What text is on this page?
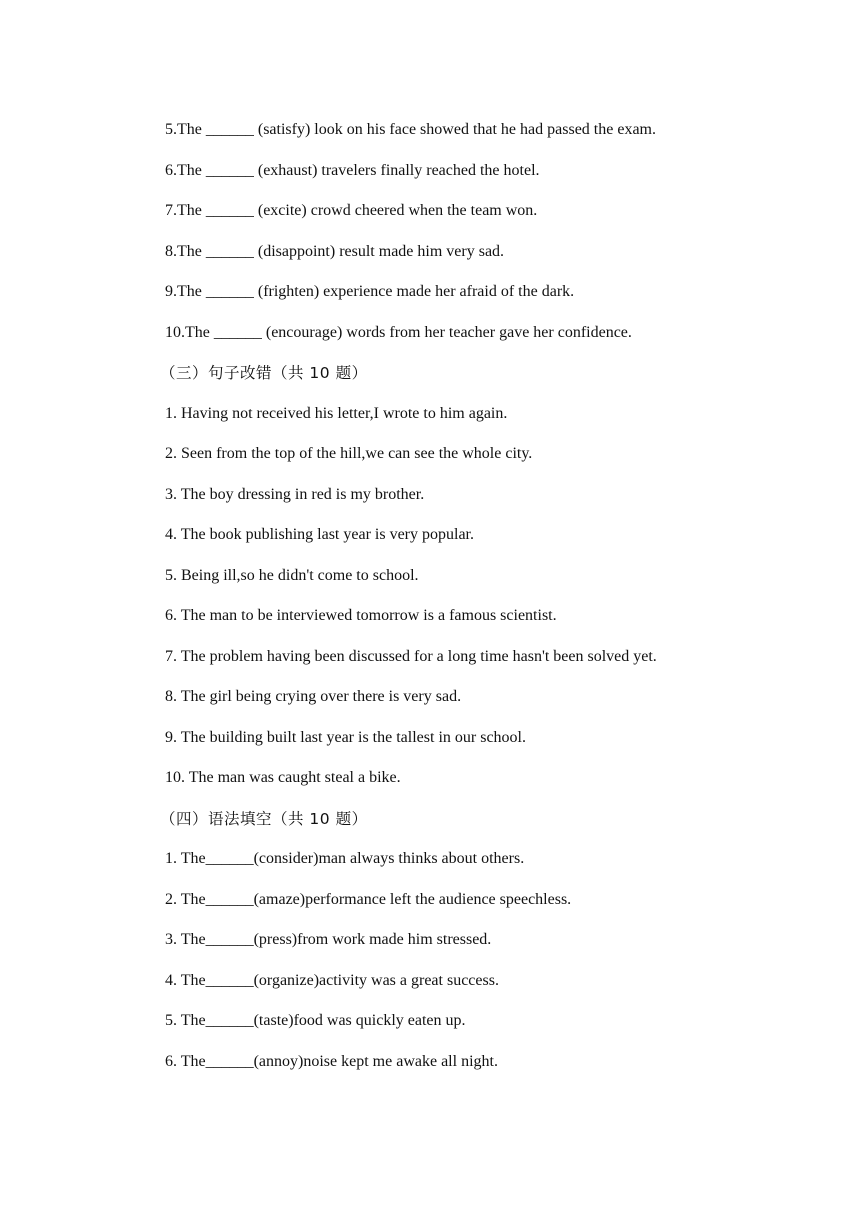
5.The ______ (satisfy) look on his face showed that he had passed the exam.
6.The ______ (exhaust) travelers finally reached the hotel.
7.The ______ (excite) crowd cheered when the team won.
8.The ______ (disappoint) result made him very sad.
9.The ______ (frighten) experience made her afraid of the dark.
10.The ______ (encourage) words from her teacher gave her confidence.
（三）句子改错（共 10 题）
1. Having not received his letter,I wrote to him again.
2. Seen from the top of the hill,we can see the whole city.
3. The boy dressing in red is my brother.
4. The book publishing last year is very popular.
5. Being ill,so he didn't come to school.
6. The man to be interviewed tomorrow is a famous scientist.
7. The problem having been discussed for a long time hasn't been solved yet.
8. The girl being crying over there is very sad.
9. The building built last year is the tallest in our school.
10. The man was caught steal a bike.
（四）语法填空（共 10 题）
1. The______(consider)man always thinks about others.
2. The______(amaze)performance left the audience speechless.
3. The______(press)from work made him stressed.
4. The______(organize)activity was a great success.
5. The______(taste)food was quickly eaten up.
6. The______(annoy)noise kept me awake all night.
